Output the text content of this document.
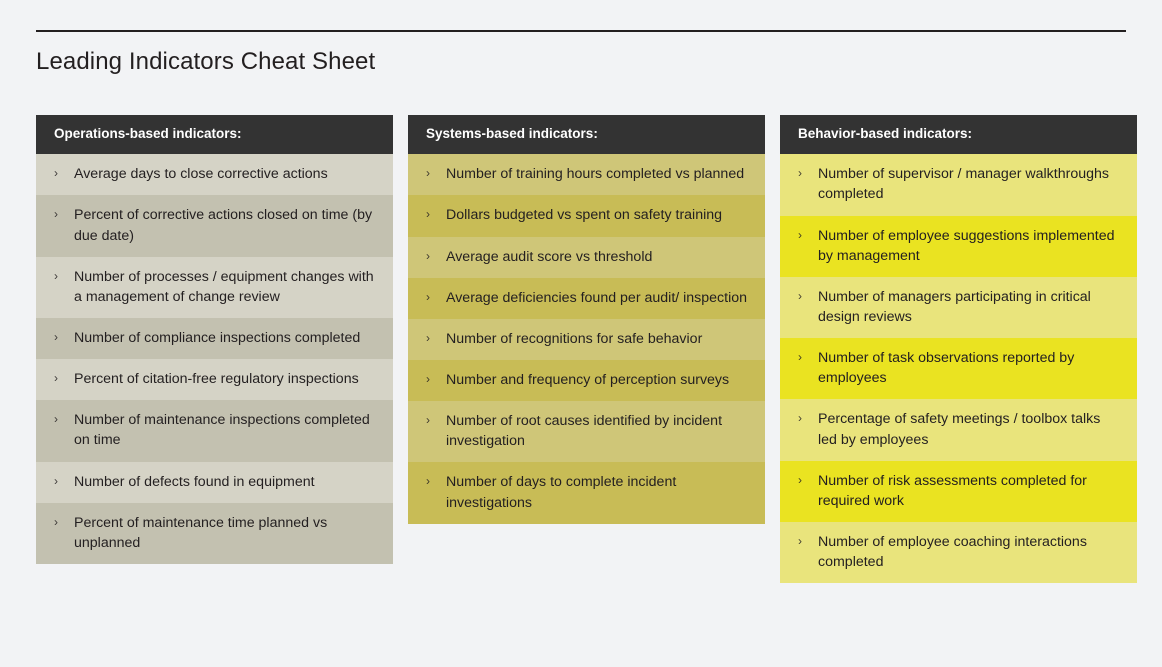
Leading Indicators Cheat Sheet
Operations-based indicators:
›	Average days to close corrective actions
›	Percent of corrective actions closed on time (by due date)
›	Number of processes / equipment changes with a management of change review
›	Number of compliance inspections completed
›	Percent of citation-free regulatory inspections
›	Number of maintenance inspections completed on time
›	Number of defects found in equipment
›	Percent of maintenance time planned vs unplanned
Systems-based indicators:
›	Number of training hours completed vs planned
›	Dollars budgeted vs spent on safety training
›	Average audit score vs threshold
›	Average deficiencies found per audit/ inspection
›	Number of recognitions for safe behavior
›	Number and frequency of perception surveys
›	Number of root causes identified by incident investigation
›	Number of days to complete incident investigations
Behavior-based indicators:
›	Number of supervisor / manager walkthroughs completed
›	Number of employee suggestions implemented by management
›	Number of managers participating in critical design reviews
›	Number of task observations reported by employees
›	Percentage of safety meetings / toolbox talks led by employees
›	Number of risk assessments completed for required work
›	Number of employee coaching interactions completed
